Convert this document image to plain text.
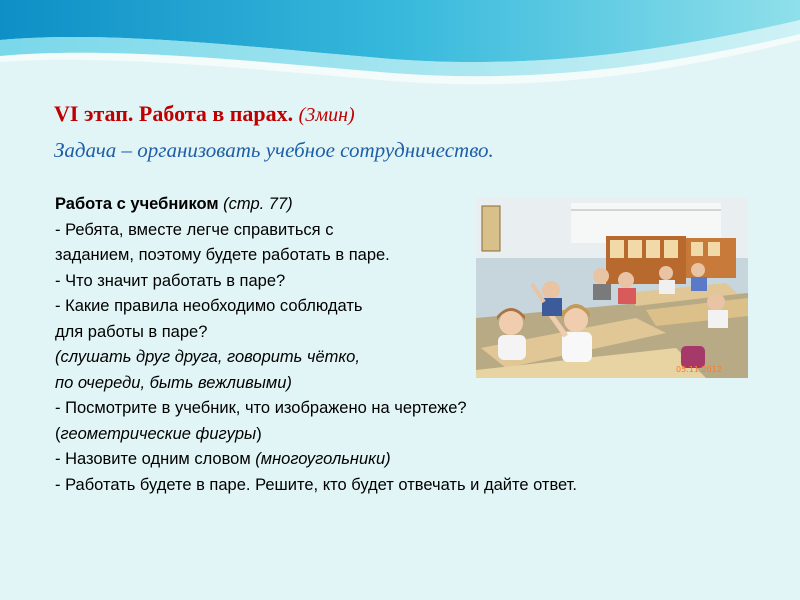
VI этап. Работа в парах. (3мин)
Задача – организовать учебное сотрудничество.
Работа с учебником (стр. 77)
- Ребята, вместе легче справиться с
заданием, поэтому будете работать в паре.
- Что значит работать в паре?
- Какие правила необходимо соблюдать
для работы в паре?
(слушать друг друга, говорить чётко,
по очереди, быть вежливыми)
- Посмотрите в учебник, что изображено на чертеже?
(геометрические фигуры)
- Назовите одним словом (многоугольники)
- Работать будете в паре. Решите, кто будет отвечать и дайте ответ.
05.11.2012
